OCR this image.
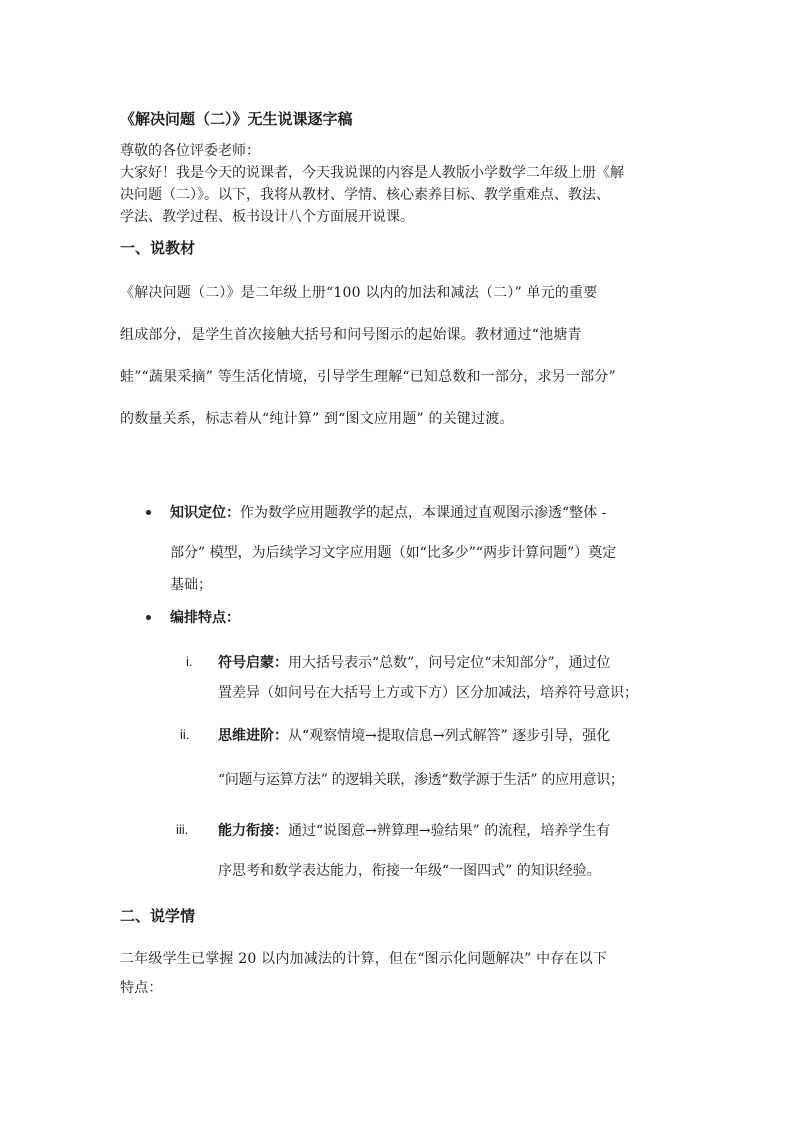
《解决问题（二）》无生说课逐字稿
尊敬的各位评委老师：
大家好！我是今天的说课者，今天我说课的内容是人教版小学数学二年级上册《解
决问题（二）》。以下，我将从教材、学情、核心素养目标、教学重难点、教法、
学法、教学过程、板书设计八个方面展开说课。
一、说教材
《解决问题（二）》是二年级上册“100 以内的加法和减法（二）” 单元的重要
组成部分，是学生首次接触大括号和问号图示的起始课。教材通过“池塘青
蛙”“蔬果采摘” 等生活化情境，引导学生理解“已知总数和一部分，求另一部分”
的数量关系，标志着从“纯计算” 到“图文应用题” 的关键过渡。
知识定位：作为数学应用题教学的起点，本课通过直观图示渗透“整体 -
部分” 模型，为后续学习文字应用题（如“比多少”“两步计算问题”）奠定
基础；
编排特点：
i. 符号启蒙：用大括号表示“总数”，问号定位“未知部分”，通过位
置差异（如问号在大括号上方或下方）区分加减法，培养符号意识；
ii. 思维进阶：从“观察情境→提取信息→列式解答” 逐步引导，强化
“问题与运算方法” 的逻辑关联，渗透“数学源于生活” 的应用意识；
iii. 能力衔接：通过“说图意→辨算理→验结果” 的流程，培养学生有
序思考和数学表达能力，衔接一年级“一图四式” 的知识经验。
二、说学情
二年级学生已掌握 20 以内加减法的计算，但在“图示化问题解决” 中存在以下
特点：
